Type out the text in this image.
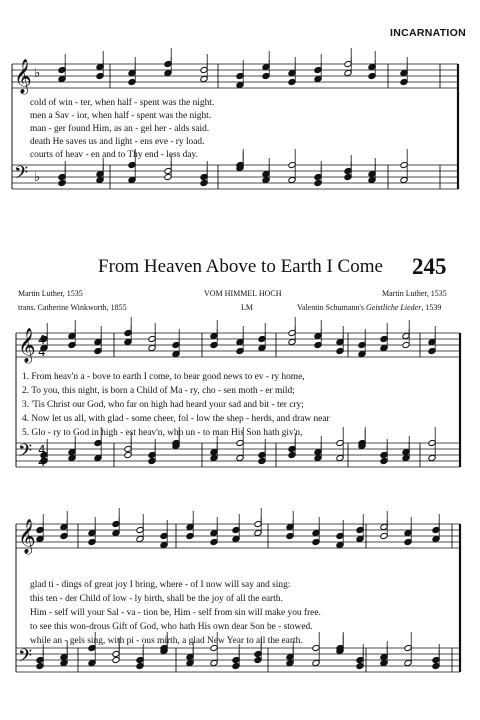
INCARNATION
𝄞
𝄢
♭
♭
𝄞
𝄢
4
4
4
4
𝄞
𝄢
From Heaven Above to Earth I Come 245
Martin Luther, 1535
trans. Catherine Winkworth, 1855
VOM HIMMEL HOCH
LM
Martin Luther, 1535
Valentin Schumann's Geistliche Lieder, 1539
cold of win - ter, when half - spent was the night.
men a Sav - ior, when half - spent was the night.
man - ger found Him, as an - gel her - alds said.
death He saves us and light - ens eve - ry load.
courts of heav - en and to Thy end - less day.
1. From heav'n a - bove to earth I come, to bear good news to ev - ry home,
2. To you, this night, is born a Child of Ma - ry, cho - sen moth - er mild;
3. 'Tis Christ our God, who far on high had heard your sad and bit - ter cry;
4. Now let us all, with glad - some cheer, fol - low the shep - herds, and draw near
5. Glo - ry to God in high - est heav'n, who un - to man His Son hath giv'n,
glad ti - dings of great joy I bring, where - of I now will say and sing:
this ten - der Child of low - ly birth, shall be the joy of all the earth.
Him - self will your Sal - va - tion be, Him - self from sin will make you free.
to see this won-drous Gift of God, who hath His own dear Son be - stowed.
while an - gels sing, with pi - ous mirth, a glad New Year to all the earth.
